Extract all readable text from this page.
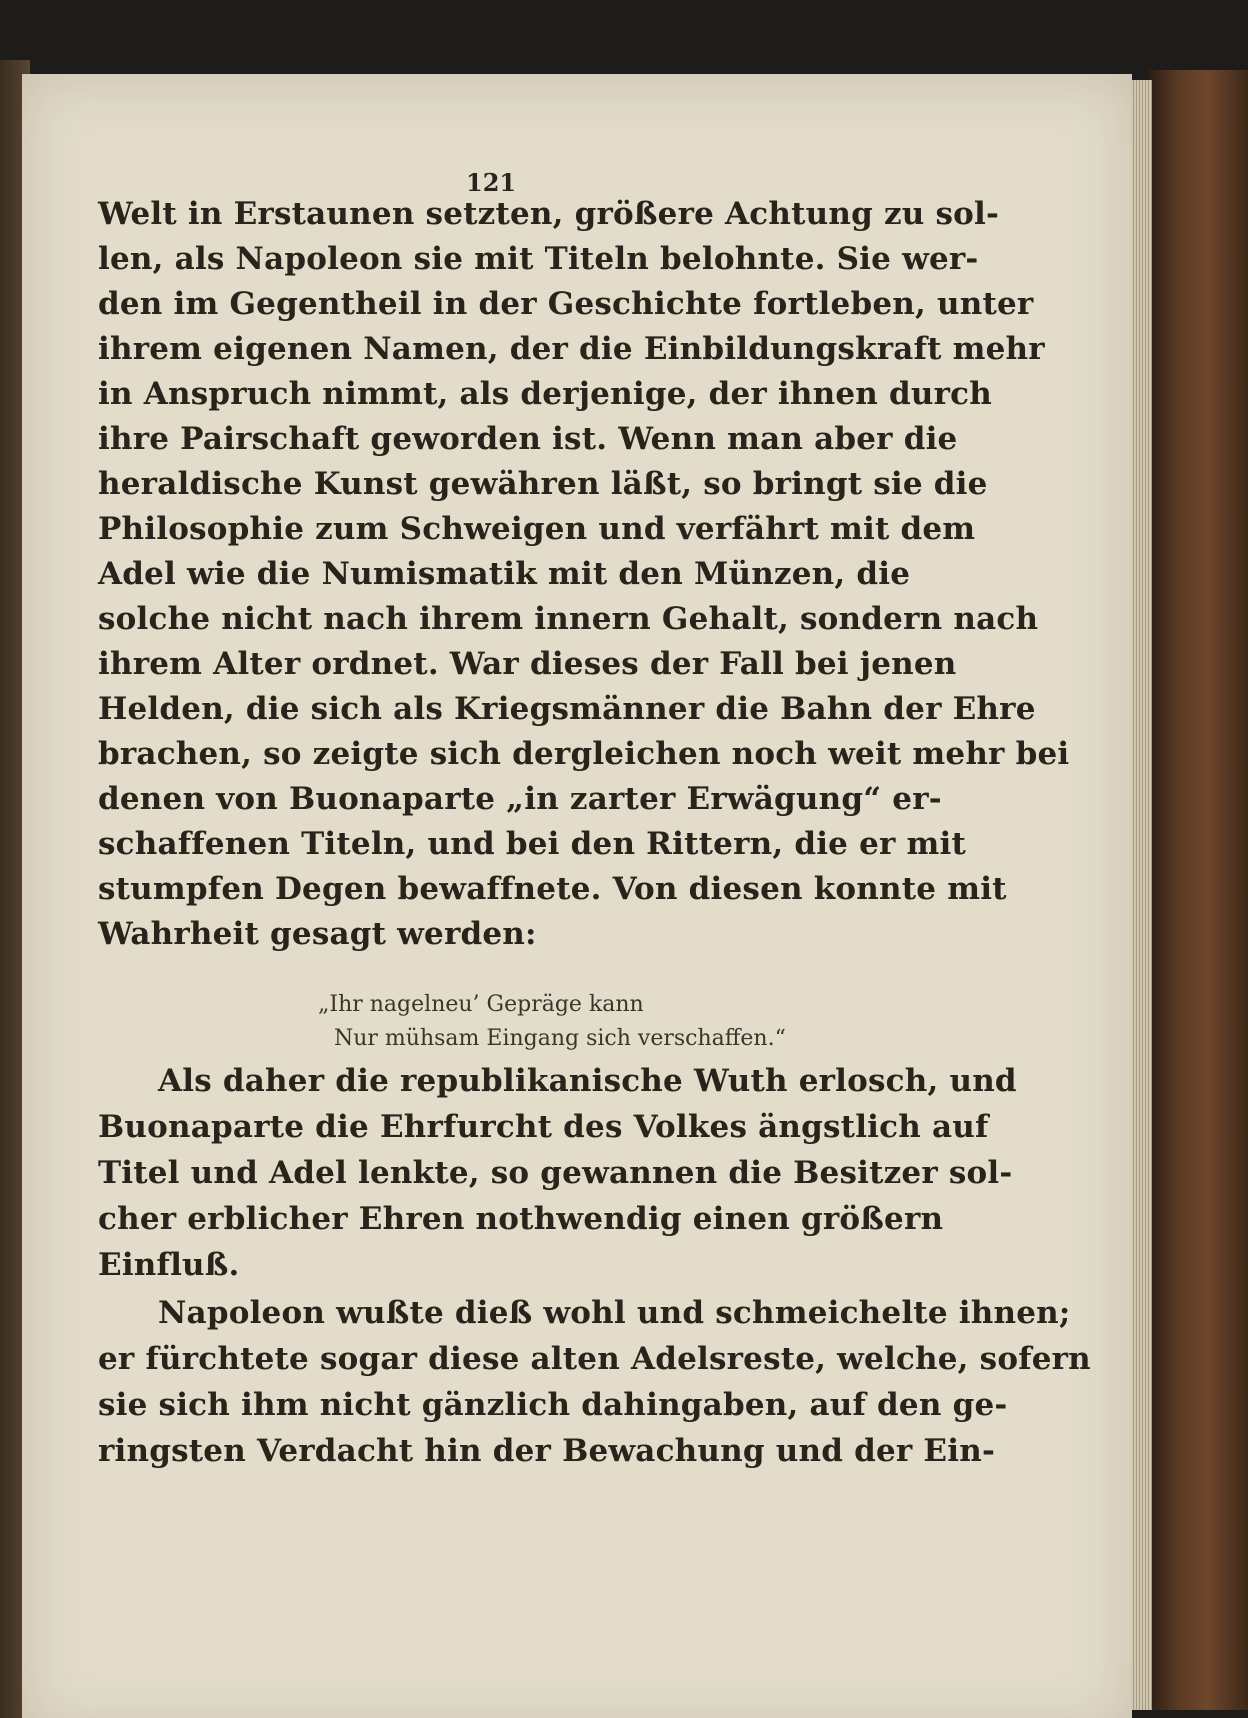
121
Welt in Erstaunen setzten, größere Achtung zu sol-
len, als Napoleon sie mit Titeln belohnte. Sie wer-
den im Gegentheil in der Geschichte fortleben, unter
ihrem eigenen Namen, der die Einbildungskraft mehr
in Anspruch nimmt, als derjenige, der ihnen durch
ihre Pairschaft geworden ist. Wenn man aber die
heraldische Kunst gewähren läßt, so bringt sie die
Philosophie zum Schweigen und verfährt mit dem
Adel wie die Numismatik mit den Münzen, die
solche nicht nach ihrem innern Gehalt, sondern nach
ihrem Alter ordnet. War dieses der Fall bei jenen
Helden, die sich als Kriegsmänner die Bahn der Ehre
brachen, so zeigte sich dergleichen noch weit mehr bei
denen von Buonaparte „in zarter Erwägung“ er-
schaffenen Titeln, und bei den Rittern, die er mit
stumpfen Degen bewaffnete. Von diesen konnte mit
Wahrheit gesagt werden:
„Ihr nagelneu’ Gepräge kann
Nur mühsam Eingang sich verschaffen.“
Als daher die republikanische Wuth erlosch, und
Buonaparte die Ehrfurcht des Volkes ängstlich auf
Titel und Adel lenkte, so gewannen die Besitzer sol-
cher erblicher Ehren nothwendig einen größern
Einfluß.
Napoleon wußte dieß wohl und schmeichelte ihnen;
er fürchtete sogar diese alten Adelsreste, welche, sofern
sie sich ihm nicht gänzlich dahingaben, auf den ge-
ringsten Verdacht hin der Bewachung und der Ein-
